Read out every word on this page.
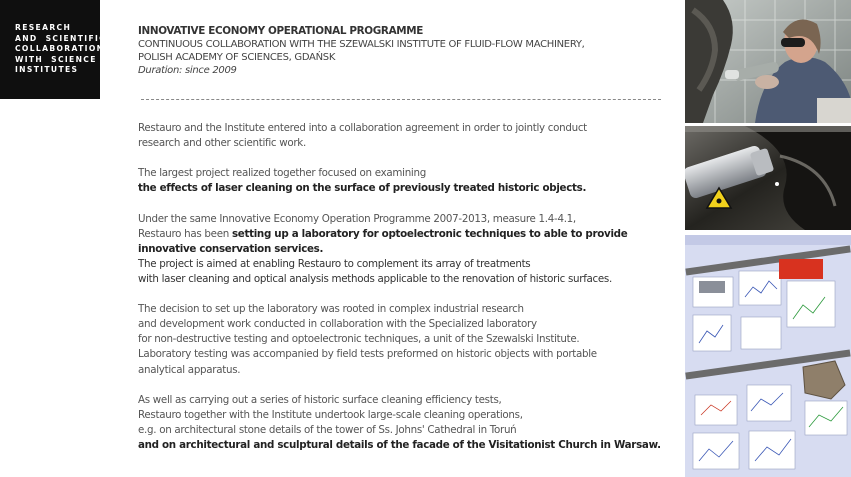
RESEARCH
AND  SCIENTIFIC
COLLABORATION
WITH  SCIENCE
INSTITUTES
INNOVATIVE ECONOMY OPERATIONAL PROGRAMME
CONTINUOUS COLLABORATION WITH THE SZEWALSKI INSTITUTE OF FLUID-FLOW MACHINERY,
POLISH ACADEMY OF SCIENCES, GDAŃSK
Duration: since 2009
Restauro and the Institute entered into a collaboration agreement in order to jointly conduct
research and other scientific work.
The largest project realized together focused on examining
the effects of laser cleaning on the surface of previously treated historic objects.
Under the same Innovative Economy Operation Programme 2007-2013, measure 1.4-4.1,
Restauro has been setting up a laboratory for optoelectronic techniques to able to provide
innovative conservation services.
The project is aimed at enabling Restauro to complement its array of treatments
with laser cleaning and optical analysis methods applicable to the renovation of historic surfaces.
The decision to set up the laboratory was rooted in complex industrial research
and development work conducted in collaboration with the Specialized laboratory
for non-destructive testing and optoelectronic techniques, a unit of the Szewalski Institute.
Laboratory testing was accompanied by field tests preformed on historic objects with portable
analytical apparatus.
As well as carrying out a series of historic surface cleaning efficiency tests,
Restauro together with the Institute undertook large-scale cleaning operations,
e.g. on architectural stone details of the tower of Ss. Johns' Cathedral in Toruń
and on architectural and sculptural details of the facade of the Visitationist Church in Warsaw.
